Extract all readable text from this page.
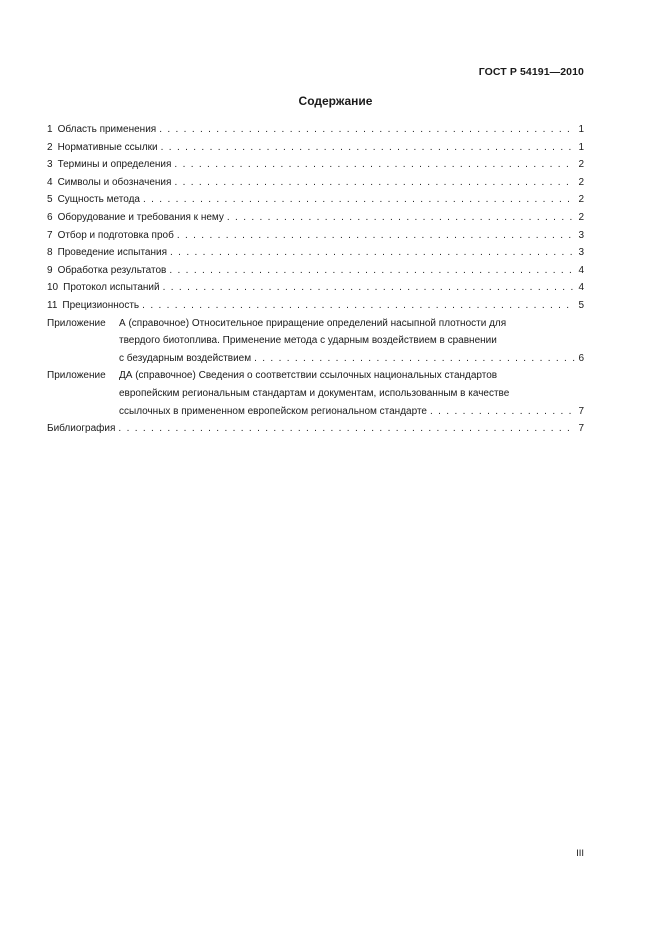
ГОСТ Р 54191—2010
Содержание
1 Область применения . . .	1
2 Нормативные ссылки . . .	1
3 Термины и определения . . .	2
4 Символы и обозначения . . .	2
5 Сущность метода . . .	2
6 Оборудование и требования к нему . . .	2
7 Отбор и подготовка проб . . .	3
8 Проведение испытания . . .	3
9 Обработка результатов . . .	4
10 Протокол испытаний . . .	4
11 Прецизионность . . .	5
Приложение	А (справочное) Относительное приращение определений насыпной плотности для
твердого биотоплива. Применение метода с ударным воздействием в сравнении
с безударным воздействием . . .	6
Приложение	ДА (справочное) Сведения о соответствии ссылочных национальных стандартов
европейским региональным стандартам и документам, использованным в качестве
ссылочных в примененном европейском региональном стандарте . . .	7
Библиография . . .	7
III
